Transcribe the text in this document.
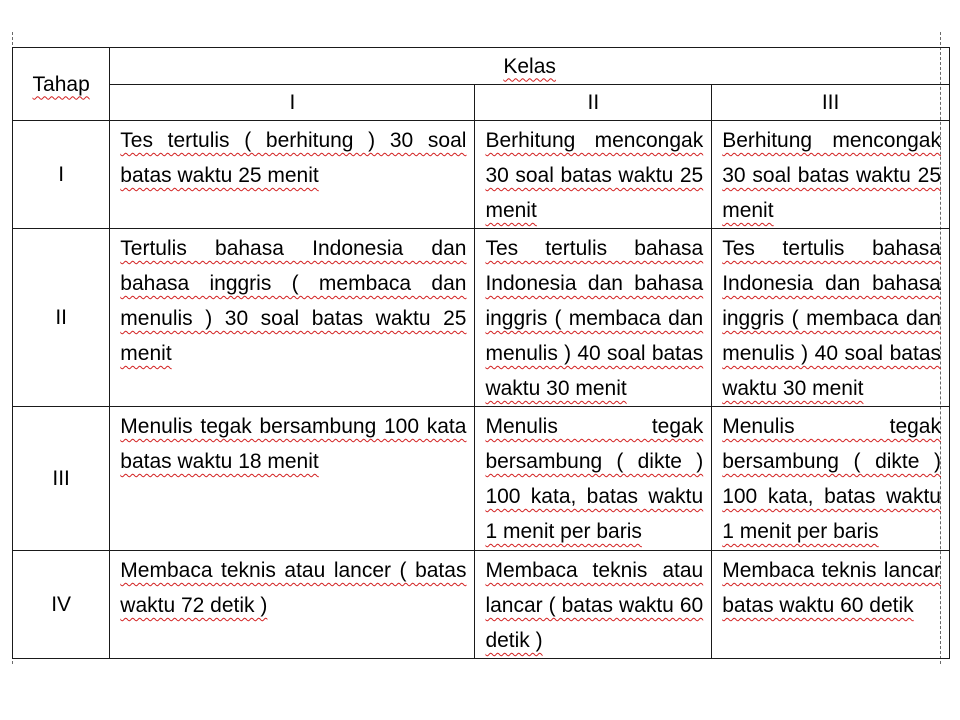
Tahap	Kelas		
	I	II	III
I	Tes tertulis ( berhitung ) 30 soal batas waktu 25 menit	Berhitung mencongak 30 soal batas waktu 25 menit	Berhitung mencongak 30 soal batas waktu 25 menit

II	Tertulis bahasa Indonesia dan bahasa inggris ( membaca dan menulis ) 30 soal batas waktu 25 menit	Tes tertulis bahasa Indonesia dan bahasa inggris ( membaca dan menulis ) 40 soal batas waktu 30 menit	Tes tertulis bahasa Indonesia dan bahasa inggris ( membaca dan menulis ) 40 soal batas waktu 30 menit

III	Menulis tegak bersambung 100 kata batas waktu 18 menit	Menulis tegak bersambung ( dikte ) 100 kata, batas waktu 1 menit per baris	Menulis tegak bersambung ( dikte ) 100 kata, batas waktu 1 menit per baris

IV	Membaca teknis atau lancer ( batas waktu 72 detik )	Membaca teknis atau lancar ( batas waktu 60 detik )	Membaca teknis lancar batas waktu 60 detik
